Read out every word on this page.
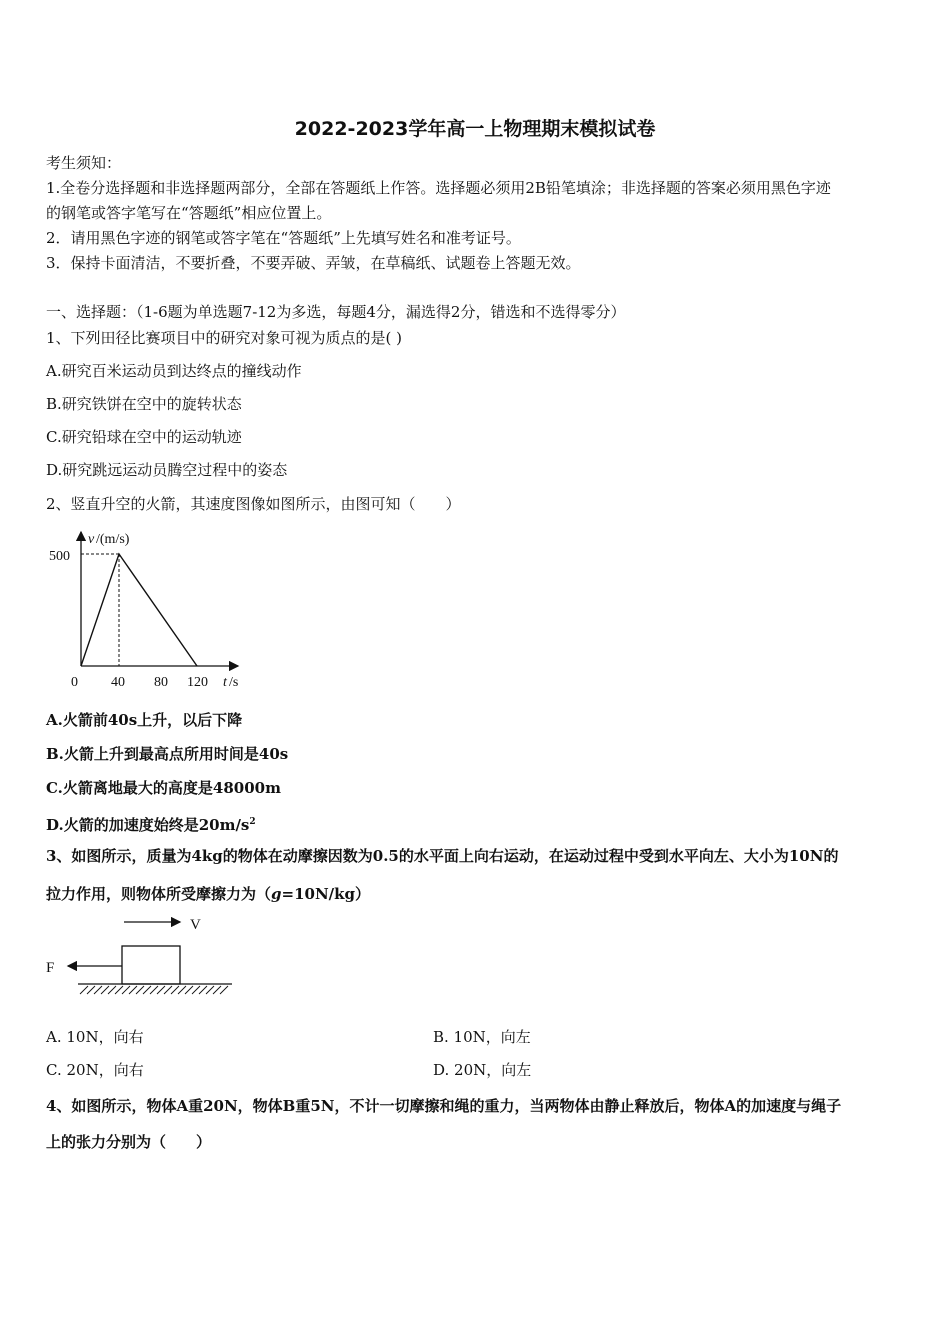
2022-2023学年高一上物理期末模拟试卷
考生须知：
1.全卷分选择题和非选择题两部分，全部在答题纸上作答。选择题必须用2B铅笔填涂；非选择题的答案必须用黑色字迹
的钢笔或答字笔写在“答题纸”相应位置上。
2．请用黑色字迹的钢笔或答字笔在“答题纸”上先填写姓名和准考证号。
3．保持卡面清洁，不要折叠，不要弄破、弄皱，在草稿纸、试题卷上答题无效。
一、选择题：（1-6题为单选题7-12为多选，每题4分，漏选得2分，错选和不选得零分）
1、下列田径比赛项目中的研究对象可视为质点的是( )
A.研究百米运动员到达终点的撞线动作
B.研究铁饼在空中的旋转状态
C.研究铅球在空中的运动轨迹
D.研究跳远运动员腾空过程中的姿态
2、竖直升空的火箭，其速度图像如图所示，由图可知（　　）
v /(m/s)
500
0 40 80 120 t /s
A.火箭前40s上升，以后下降
B.火箭上升到最高点所用时间是40s
C.火箭离地最大的高度是48000m
D.火箭的加速度始终是$20m/s^2$
3、如图所示，质量为4kg的物体在动摩擦因数为0.5的水平面上向右运动，在运动过程中受到水平向左、大小为10N的
拉力作用，则物体所受摩擦力为（g=10N/kg）
V
F
A. 10N，向右	B. 10N，向左
C. 20N，向右	D. 20N，向左
4、如图所示，物体A重20N，物体B重5N，不计一切摩擦和绳的重力，当两物体由静止释放后，物体A的加速度与绳子
上的张力分别为（　　）
